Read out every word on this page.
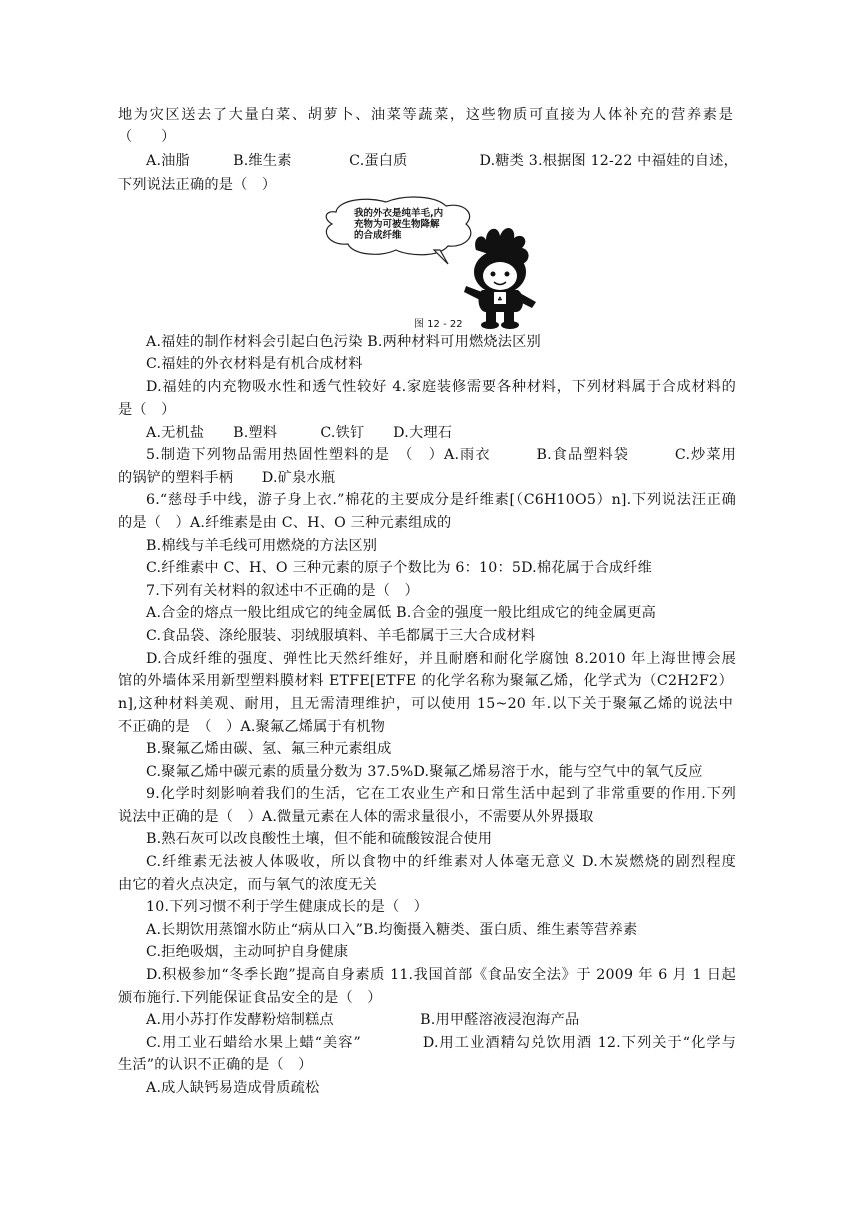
地为灾区送去了大量白菜、胡萝卜、油菜等蔬菜，这些物质可直接为人体补充的营养素是
（　　）
A.油脂　　　B.维生素　　　　C.蛋白质　　　　　D.糖类 3.根据图 12-22 中福娃的自述，
下列说法正确的是（　）
♣
我的外衣是纯羊毛,内
充物为可被生物降解
的合成纤维
图 12 - 22
A.福娃的制作材料会引起白色污染 B.两种材料可用燃烧法区别
C.福娃的外衣材料是有机合成材料
D.福娃的内充物吸水性和透气性较好 4.家庭装修需要各种材料，下列材料属于合成材料的
是（　）
A.无机盐　　B.塑料　　　C.铁钉　　D.大理石
5.制造下列物品需用热固性塑料的是　（　）A.雨衣　　　B.食品塑料袋　　　C.炒菜用
的锅铲的塑料手柄　　D.矿泉水瓶
6.“慈母手中线，游子身上衣.”棉花的主要成分是纤维素[（C6H10O5）n].下列说法汪正确
的是（　）A.纤维素是由 C、H、O 三种元素组成的
B.棉线与羊毛线可用燃烧的方法区别
C.纤维素中 C、H、O 三种元素的原子个数比为 6：10：5D.棉花属于合成纤维
7.下列有关材料的叙述中不正确的是（　）
A.合金的熔点一般比组成它的纯金属低 B.合金的强度一般比组成它的纯金属更高
C.食品袋、涤纶服装、羽绒服填料、羊毛都属于三大合成材料
D.合成纤维的强度、弹性比天然纤维好，并且耐磨和耐化学腐蚀 8.2010 年上海世博会展
馆的外墙体采用新型塑料膜材料 ETFE[ETFE 的化学名称为聚氟乙烯，化学式为（C2H2F2）
n],这种材料美观、耐用，且无需清理维护，可以使用 15~20 年.以下关于聚氟乙烯的说法中
不正确的是　（　）A.聚氟乙烯属于有机物
B.聚氟乙烯由碳、氢、氟三种元素组成
C.聚氟乙烯中碳元素的质量分数为 37.5%D.聚氟乙烯易溶于水，能与空气中的氧气反应
9.化学时刻影响着我们的生活，它在工农业生产和日常生活中起到了非常重要的作用.下列
说法中正确的是（　）A.微量元素在人体的需求量很小，不需要从外界摄取
B.熟石灰可以改良酸性土壤，但不能和硫酸铵混合使用
C.纤维素无法被人体吸收，所以食物中的纤维素对人体毫无意义 D.木炭燃烧的剧烈程度
由它的着火点决定，而与氧气的浓度无关
10.下列习惯不利于学生健康成长的是（　）
A.长期饮用蒸馏水防止“病从口入”B.均衡摄入糖类、蛋白质、维生素等营养素
C.拒绝吸烟，主动呵护自身健康
D.积极参加“冬季长跑”提高自身素质 11.我国首部《食品安全法》于 2009 年 6 月 1 日起
颁布施行.下列能保证食品安全的是（　）
A.用小苏打作发酵粉焙制糕点　　　　　　B.用甲醛溶液浸泡海产品
C.用工业石蜡给水果上蜡“美容”　　　　D.用工业酒精勾兑饮用酒 12.下列关于“化学与
生活”的认识不正确的是（　）
A.成人缺钙易造成骨质疏松
